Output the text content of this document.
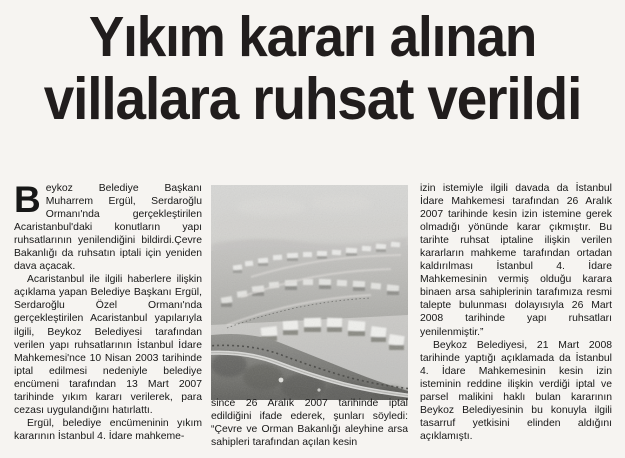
Yıkım kararı alınan
villalara ruhsat verildi

Beykoz Belediye Başkanı Muharrem Ergül, Serdaroğlu Ormanı'nda gerçekleştirilen Acaristanbul'daki konutların yapı ruhsatlarının yenilendiğini bildirdi.Çevre Bakanlığı da ruhsatın iptali için yeniden dava açacak.

Acaristanbul ile ilgili haberlere ilişkin açıklama yapan Belediye Başkanı Ergül, Serdaroğlu Özel Ormanı'nda gerçekleştirilen Acaristanbul yapılarıyla ilgili, Beykoz Belediyesi tarafından verilen yapı ruhsatlarının İstanbul İdare Mahkemesi'nce 10 Nisan 2003 tarihinde iptal edilmesi nedeniyle belediye encümeni tarafından 13 Mart 2007 tarihinde yıkım kararı verilerek, para cezası uygulandığını hatırlattı.

Ergül, belediye encümeninin yıkım kararının İstanbul 4. İdare mahkeme-

since 26 Aralık 2007 tarihinde iptal edildiğini ifade ederek, şunları söyledi: “Çevre ve Orman Bakanlığı aleyhine arsa sahipleri tarafından açılan kesin

izin istemiyle ilgili davada da İstanbul İdare Mahkemesi tarafından 26 Aralık 2007 tarihinde kesin izin istemine gerek olmadığı yönünde karar çıkmıştır. Bu tarihte ruhsat iptaline ilişkin verilen kararların mahkeme tarafından ortadan kaldırılması İstanbul 4. İdare Mahkemesinin vermiş olduğu karara binaen arsa sahiplerinin tarafımıza resmi talepte bulunması dolayısıyla 26 Mart 2008 tarihinde yapı ruhsatları yenilenmiştir.”

Beykoz Belediyesi, 21 Mart 2008 tarihinde yaptığı açıklamada da İstanbul 4. İdare Mahkemesinin kesin izin isteminin reddine ilişkin verdiği iptal ve parsel malikini haklı bulan kararının Beykoz Belediyesinin bu konuyla ilgili tasarruf yetkisini elinden aldığını açıklamıştı.
